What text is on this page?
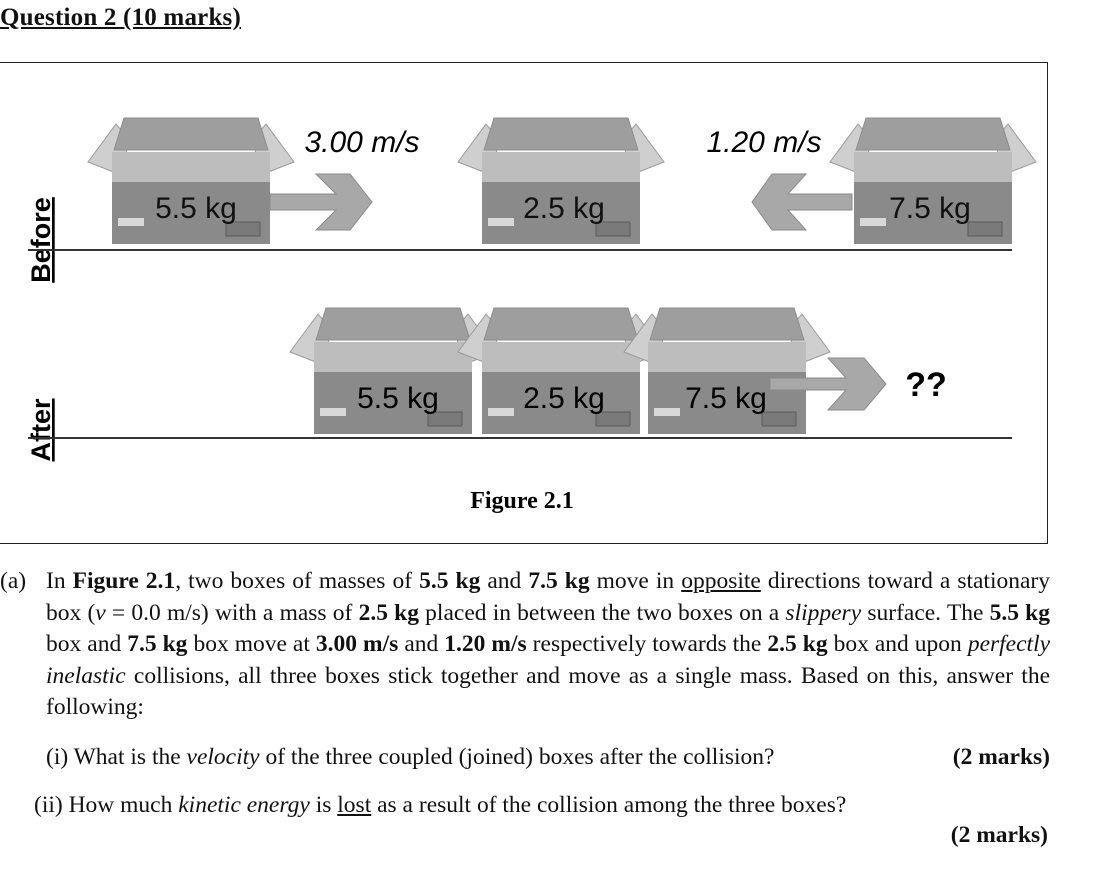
Question 2 (10 marks)
Before
After
5.5 kg	2.5 kg	7.5 kg
3.00 m/s	1.20 m/s
5.5 kg	2.5 kg	7.5 kg	??
Figure 2.1
(a) In Figure 2.1, two boxes of masses of 5.5 kg and 7.5 kg move in opposite directions toward a stationary box (v = 0.0 m/s) with a mass of 2.5 kg placed in between the two boxes on a slippery surface. The 5.5 kg box and 7.5 kg box move at 3.00 m/s and 1.20 m/s respectively towards the 2.5 kg box and upon perfectly inelastic collisions, all three boxes stick together and move as a single mass. Based on this, answer the following:
(i) What is the velocity of the three coupled (joined) boxes after the collision?	(2 marks)
(ii) How much kinetic energy is lost as a result of the collision among the three boxes?
(2 marks)
